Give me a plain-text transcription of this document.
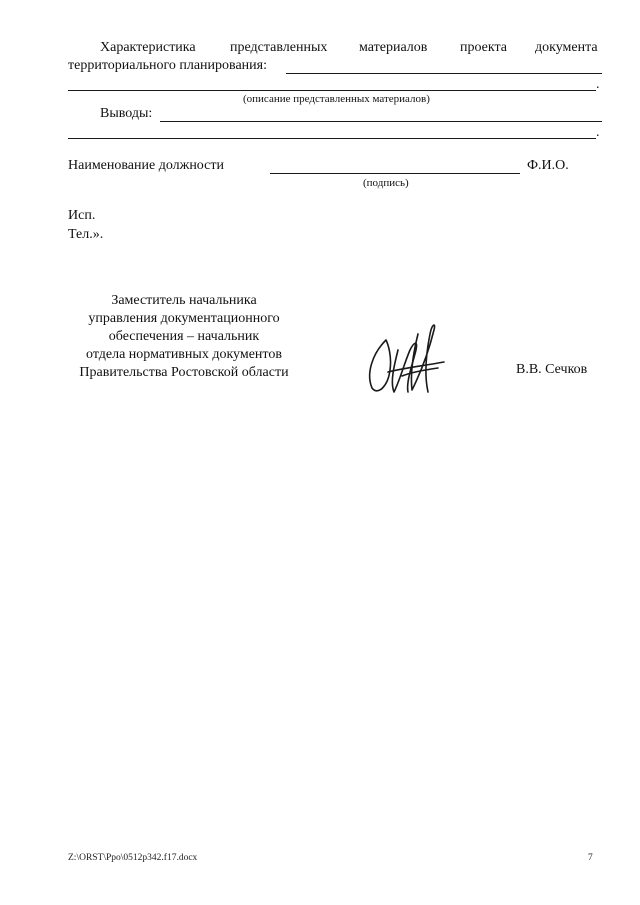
Характеристика представленных материалов проекта документа
территориального планирования:
.
(описание представленных материалов)
Выводы:
.
Наименование должности	Ф.И.О.
(подпись)
Исп.
Тел.».
Заместитель начальника
управления документационного
обеспечения – начальник
отдела нормативных документов
Правительства Ростовской области	В.В. Сечков
Z:\ORST\Ppo\0512p342.f17.docx	7
